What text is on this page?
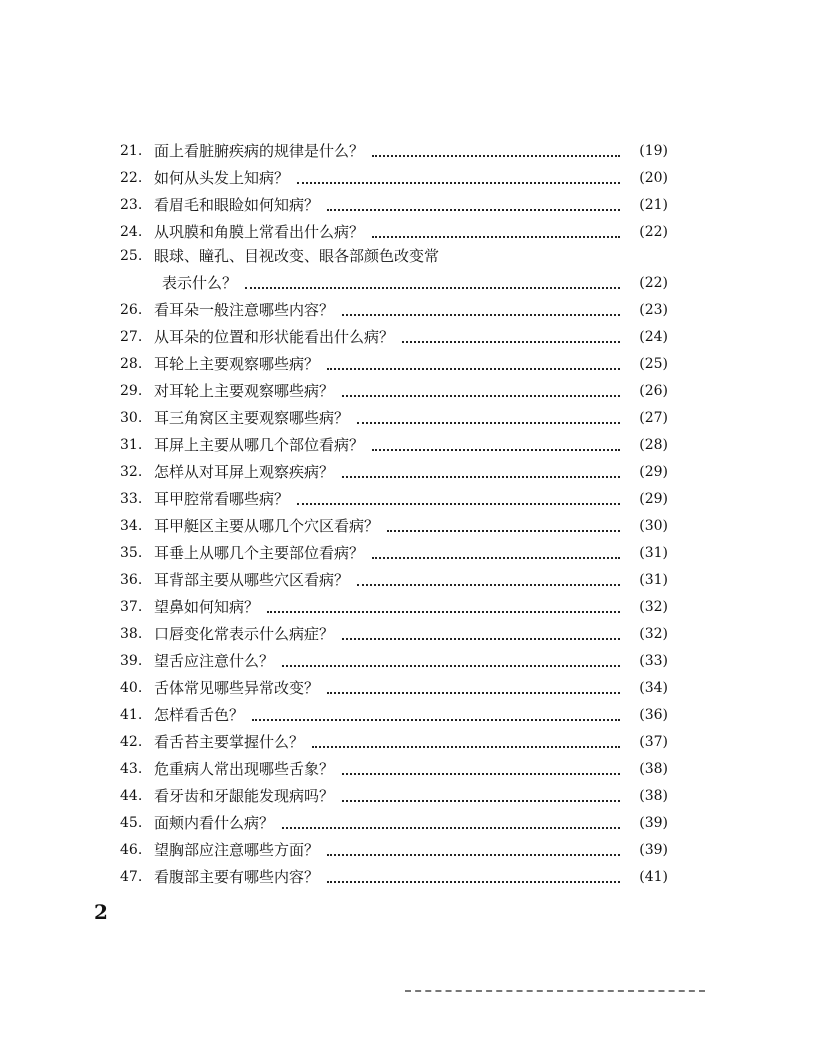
21. 面上看脏腑疾病的规律是什么？	(19)
22. 如何从头发上知病？	(20)
23. 看眉毛和眼睑如何知病？	(21)
24. 从巩膜和角膜上常看出什么病？	(22)
25. 眼球、瞳孔、目视改变、眼各部颜色改变常
表示什么？	(22)
26. 看耳朵一般注意哪些内容？	(23)
27. 从耳朵的位置和形状能看出什么病？	(24)
28. 耳轮上主要观察哪些病？	(25)
29. 对耳轮上主要观察哪些病？	(26)
30. 耳三角窝区主要观察哪些病？	(27)
31. 耳屏上主要从哪几个部位看病？	(28)
32. 怎样从对耳屏上观察疾病？	(29)
33. 耳甲腔常看哪些病？	(29)
34. 耳甲艇区主要从哪几个穴区看病？	(30)
35. 耳垂上从哪几个主要部位看病？	(31)
36. 耳背部主要从哪些穴区看病？	(31)
37. 望鼻如何知病？	(32)
38. 口唇变化常表示什么病症？	(32)
39. 望舌应注意什么？	(33)
40. 舌体常见哪些异常改变？	(34)
41. 怎样看舌色？	(36)
42. 看舌苔主要掌握什么？	(37)
43. 危重病人常出现哪些舌象？	(38)
44. 看牙齿和牙龈能发现病吗？	(38)
45. 面颊内看什么病？	(39)
46. 望胸部应注意哪些方面？	(39)
47. 看腹部主要有哪些内容？	(41)
2
